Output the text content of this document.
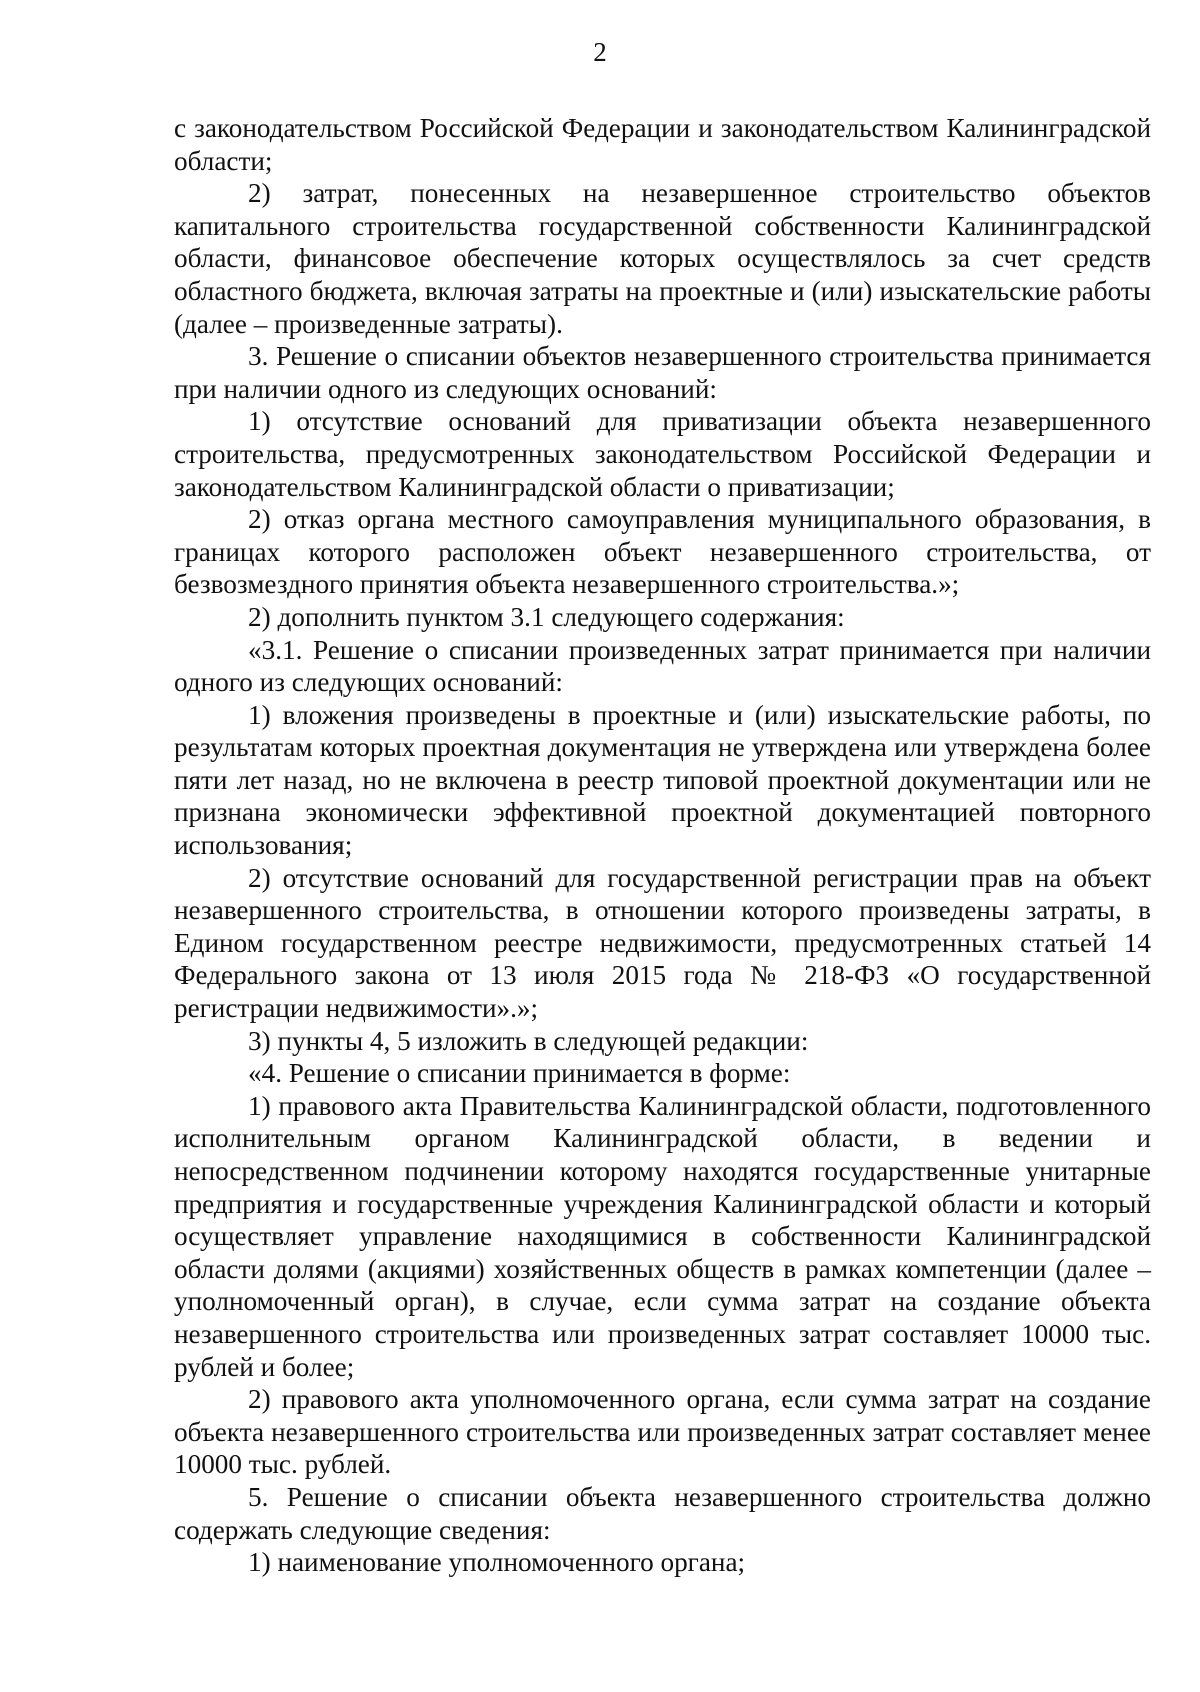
2

с законодательством Российской Федерации и законодательством Калининградской области;

2) затрат, понесенных на незавершенное строительство объектов капитального строительства государственной собственности Калининградской области, финансовое обеспечение которых осуществлялось за счет средств областного бюджета, включая затраты на проектные и (или) изыскательские работы (далее – произведенные затраты).

3. Решение о списании объектов незавершенного строительства принимается при наличии одного из следующих оснований:

1) отсутствие оснований для приватизации объекта незавершенного строительства, предусмотренных законодательством Российской Федерации и законодательством Калининградской области о приватизации;

2) отказ органа местного самоуправления муниципального образования, в границах которого расположен объект незавершенного строительства, от безвозмездного принятия объекта незавершенного строительства.»;

2) дополнить пунктом 3.1 следующего содержания:

«3.1. Решение о списании произведенных затрат принимается при наличии одного из следующих оснований:

1) вложения произведены в проектные и (или) изыскательские работы, по результатам которых проектная документация не утверждена или утверждена более пяти лет назад, но не включена в реестр типовой проектной документации или не признана экономически эффективной проектной документацией повторного использования;

2) отсутствие оснований для государственной регистрации прав на объект незавершенного строительства, в отношении которого произведены затраты, в Едином государственном реестре недвижимости, предусмотренных статьей 14 Федерального закона от 13 июля 2015 года № 218-ФЗ «О государственной регистрации недвижимости».»;

3) пункты 4, 5 изложить в следующей редакции:

«4. Решение о списании принимается в форме:

1) правового акта Правительства Калининградской области, подготовленного исполнительным органом Калининградской области, в ведении и непосредственном подчинении которому находятся государственные унитарные предприятия и государственные учреждения Калининградской области и который осуществляет управление находящимися в собственности Калининградской области долями (акциями) хозяйственных обществ в рамках компетенции (далее – уполномоченный орган), в случае, если сумма затрат на создание объекта незавершенного строительства или произведенных затрат составляет 10000 тыс. рублей и более;

2) правового акта уполномоченного органа, если сумма затрат на создание объекта незавершенного строительства или произведенных затрат составляет менее 10000 тыс. рублей.

5. Решение о списании объекта незавершенного строительства должно содержать следующие сведения:

1) наименование уполномоченного органа;
